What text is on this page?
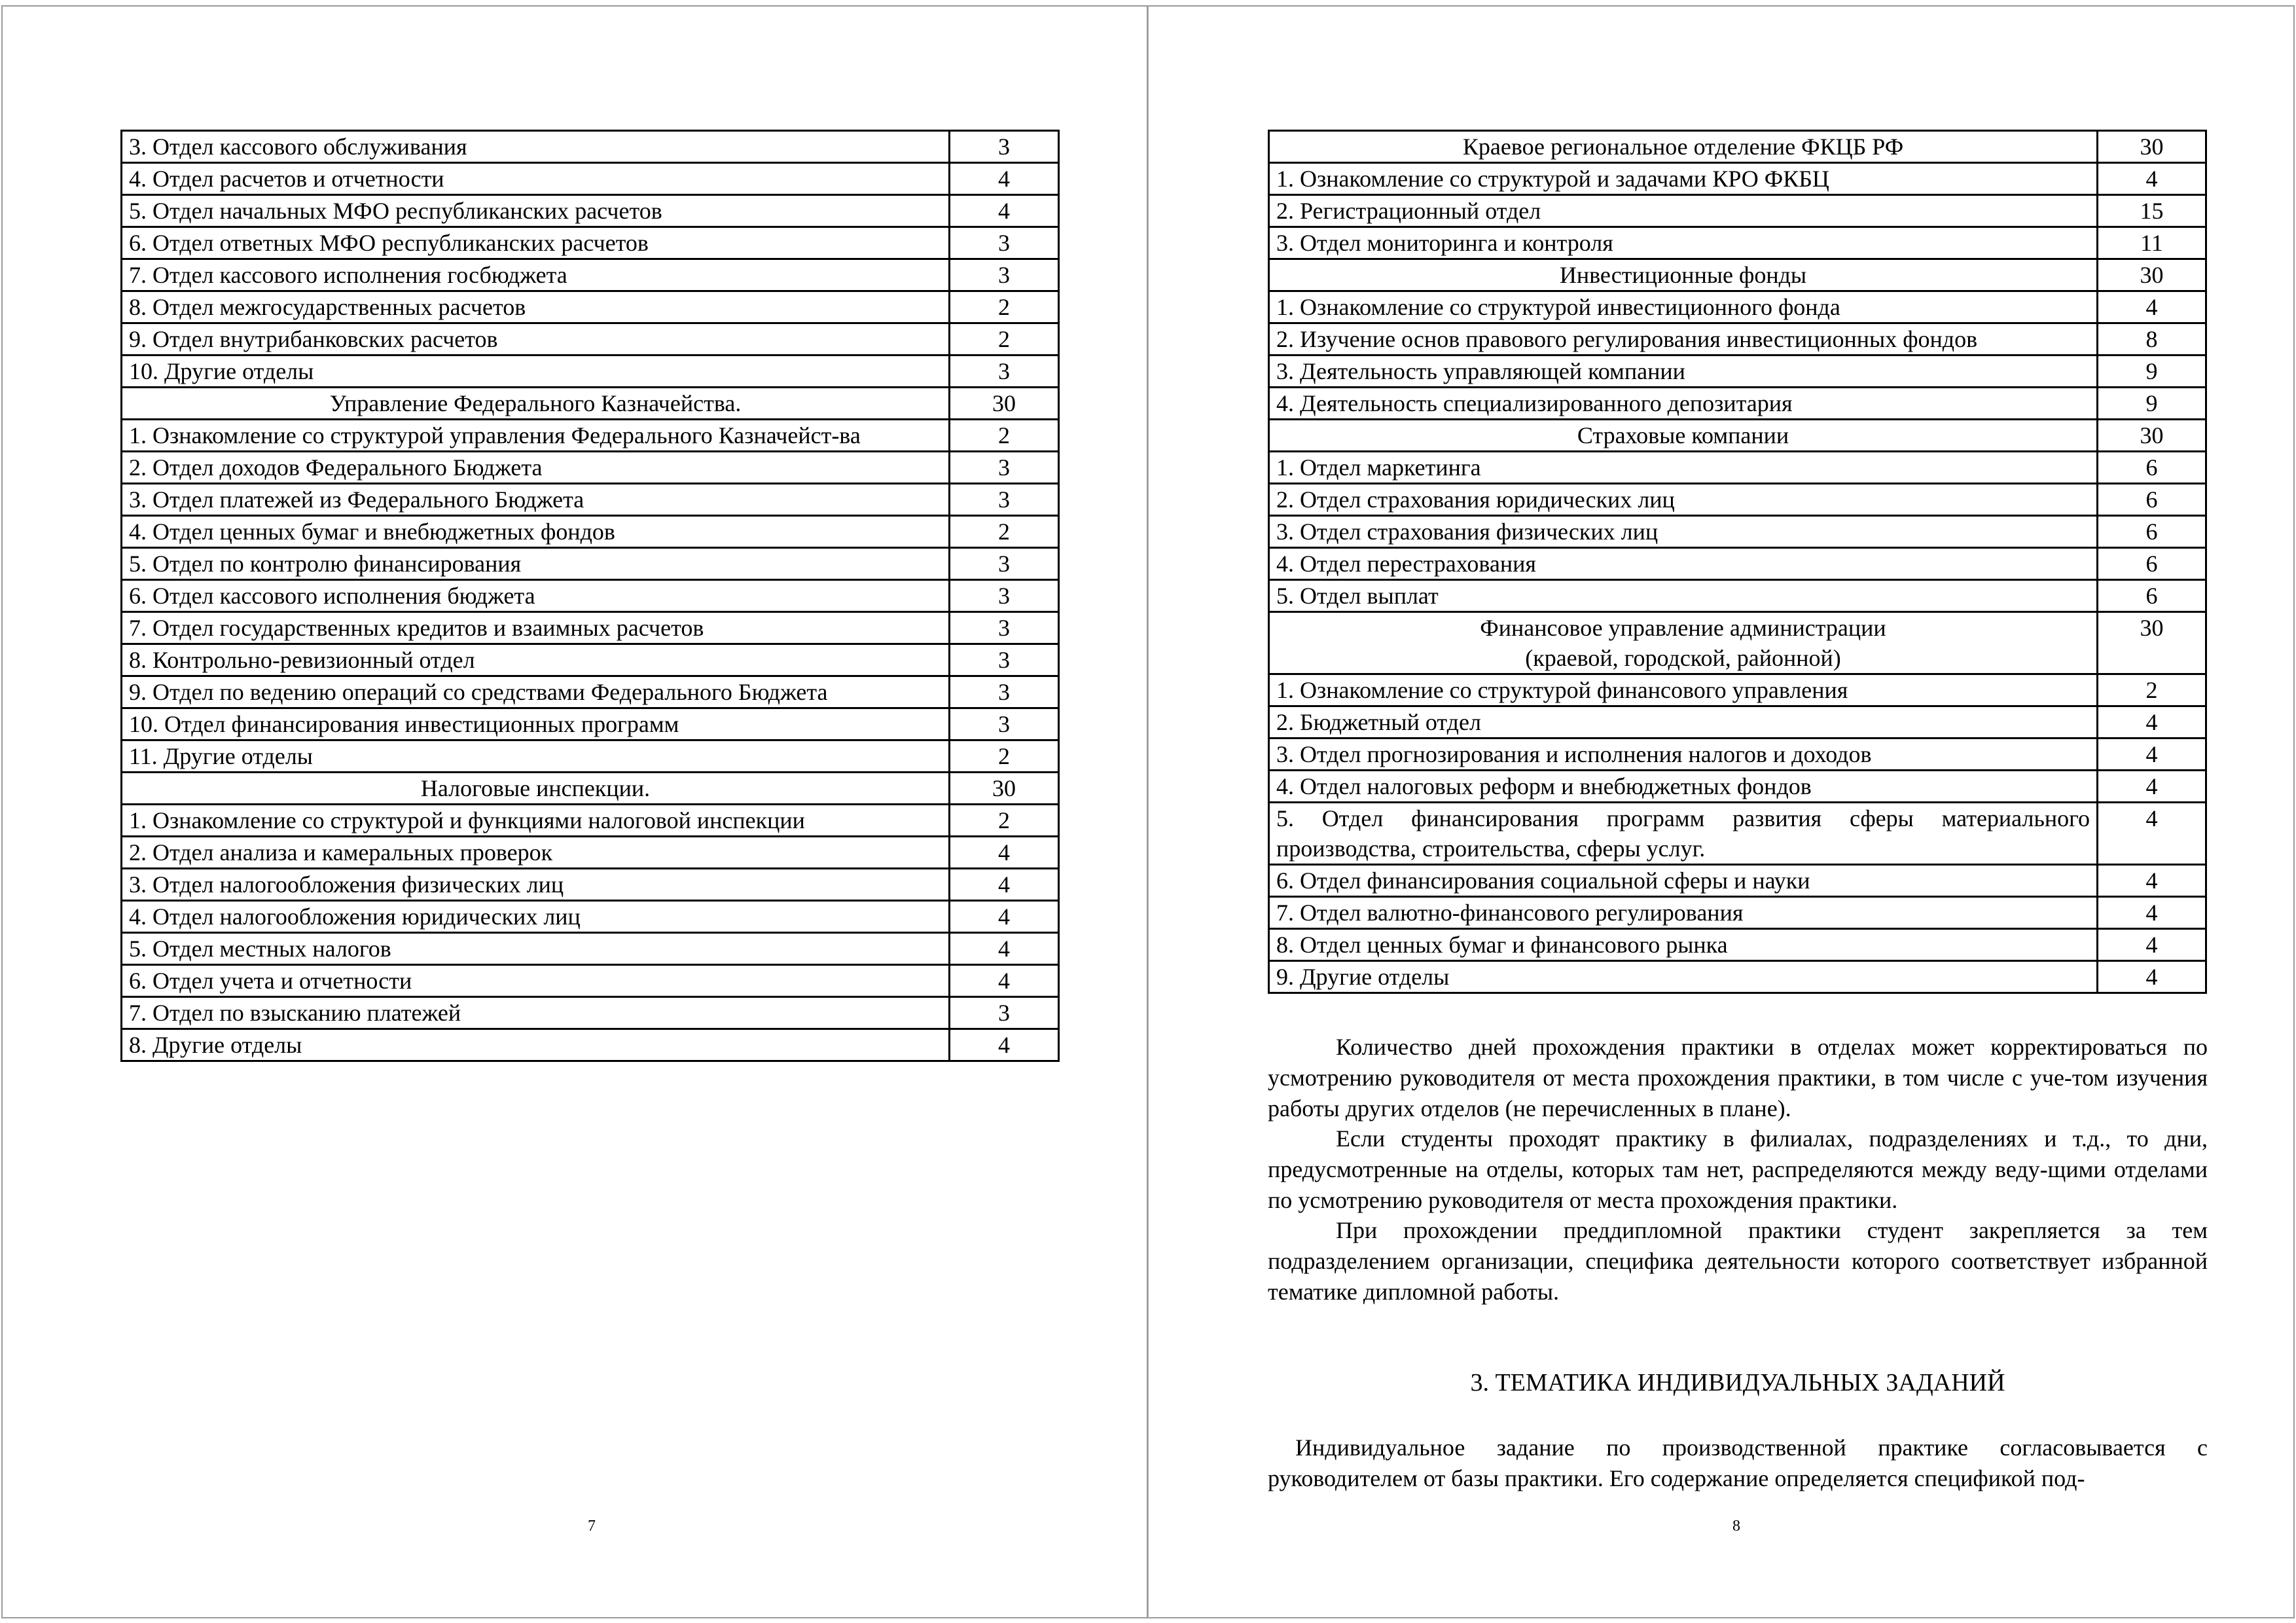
3. Отдел кассового обслуживания	3
4. Отдел расчетов и отчетности	4
5. Отдел начальных МФО республиканских расчетов	4
6. Отдел ответных МФО республиканских расчетов	3
7. Отдел кассового исполнения госбюджета	3
8. Отдел межгосударственных расчетов	2
9. Отдел внутрибанковских расчетов	2
10. Другие отделы	3
Управление Федерального Казначейства.	30
1. Ознакомление со структурой управления Федерального Казначейст-ва	2
2. Отдел доходов Федерального Бюджета	3
3. Отдел платежей из Федерального Бюджета	3
4. Отдел ценных бумаг и внебюджетных фондов	2
5. Отдел по контролю финансирования	3
6. Отдел кассового исполнения бюджета	3
7. Отдел государственных кредитов и взаимных расчетов	3
8. Контрольно-ревизионный отдел	3
9. Отдел по ведению операций со средствами Федерального Бюджета	3
10. Отдел финансирования инвестиционных программ	3
11. Другие отделы	2
Налоговые инспекции.	30
1. Ознакомление со структурой и функциями налоговой инспекции	2
2. Отдел анализа и камеральных проверок	4
3. Отдел налогообложения физических лиц	4
4. Отдел налогообложения юридических лиц	4
5. Отдел местных налогов	4
6. Отдел учета и отчетности	4
7. Отдел по взысканию платежей	3
8. Другие отделы	4
7
Краевое региональное отделение ФКЦБ РФ	30
1. Ознакомление со структурой и задачами КРО ФКБЦ	4
2. Регистрационный отдел	15
3. Отдел мониторинга и контроля	11
Инвестиционные фонды	30
1. Ознакомление со структурой инвестиционного фонда	4
2. Изучение основ правового регулирования инвестиционных фондов	8
3. Деятельность управляющей компании	9
4. Деятельность специализированного депозитария	9
Страховые компании	30
1. Отдел маркетинга	6
2. Отдел страхования юридических лиц	6
3. Отдел страхования физических лиц	6
4. Отдел перестрахования	6
5. Отдел выплат	6

Финансовое управление администрации
(краевой, городской, районной)	30
1. Ознакомление со структурой финансового управления	2
2. Бюджетный отдел	4
3. Отдел прогнозирования и исполнения налогов и доходов	4
4. Отдел налоговых реформ и внебюджетных фондов	4
5. Отдел финансирования программ развития сферы материального производства, строительства, сферы услуг.	4
6. Отдел финансирования социальной сферы и науки	4
7. Отдел валютно-финансового регулирования	4
8. Отдел ценных бумаг и финансового рынка	4
9. Другие отделы	4

Количество дней прохождения практики в отделах может корректироваться по усмотрению руководителя от места прохождения практики, в том числе с уче-том изучения работы других отделов (не перечисленных в плане).

Если студенты проходят практику в филиалах, подразделениях и т.д., то дни, предусмотренные на отделы, которых там нет, распределяются между веду-щими отделами по усмотрению руководителя от места прохождения практики.

При прохождении преддипломной практики студент закрепляется за тем подразделением организации, специфика деятельности которого соответствует избранной тематике дипломной работы.

3. ТЕМАТИКА ИНДИВИДУАЛЬНЫХ ЗАДАНИЙ

Индивидуальное задание по производственной практике согласовывается с руководителем от базы практики. Его содержание определяется спецификой под-

8
